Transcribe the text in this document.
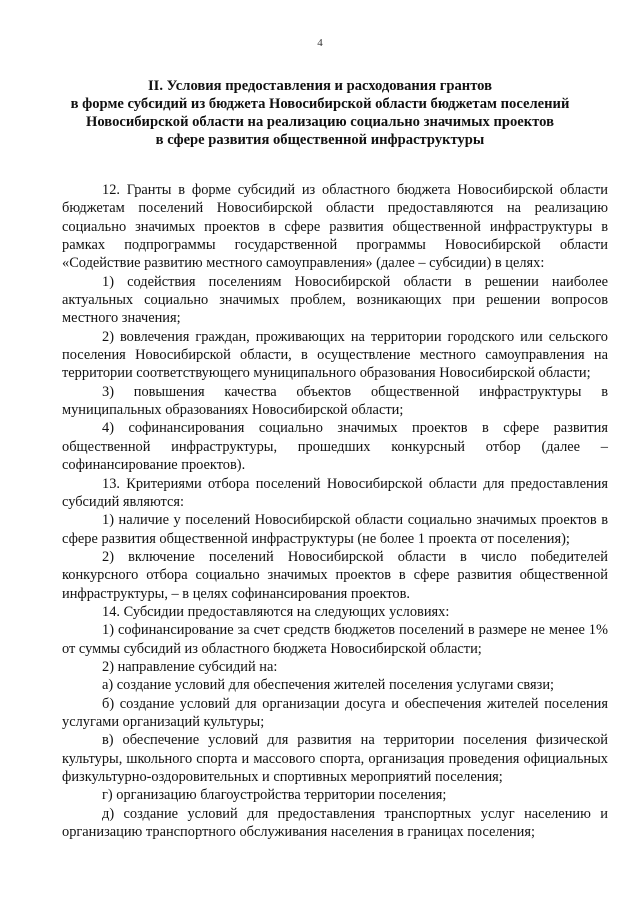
4
II. Условия предоставления и расходования грантов
в форме субсидий из бюджета Новосибирской области бюджетам поселений
Новосибирской области на реализацию социально значимых проектов
в сфере развития общественной инфраструктуры

12. Гранты в форме субсидий из областного бюджета Новосибирской области бюджетам поселений Новосибирской области предоставляются на реализацию социально значимых проектов в сфере развития общественной инфраструктуры в рамках подпрограммы государственной программы Новосибирской области «Содействие развитию местного самоуправления» (далее – субсидии) в целях:

1) содействия поселениям Новосибирской области в решении наиболее актуальных социально значимых проблем, возникающих при решении вопросов местного значения;

2) вовлечения граждан, проживающих на территории городского или сельского поселения Новосибирской области, в осуществление местного самоуправления на территории соответствующего муниципального образования Новосибирской области;

3) повышения качества объектов общественной инфраструктуры в муниципальных образованиях Новосибирской области;

4) софинансирования социально значимых проектов в сфере развития общественной инфраструктуры, прошедших конкурсный отбор (далее – софинансирование проектов).

13. Критериями отбора поселений Новосибирской области для предоставления субсидий являются:

1) наличие у поселений Новосибирской области социально значимых проектов в сфере развития общественной инфраструктуры (не более 1 проекта от поселения);

2) включение поселений Новосибирской области в число победителей конкурсного отбора социально значимых проектов в сфере развития общественной инфраструктуры, – в целях софинансирования проектов.

14. Субсидии предоставляются на следующих условиях:

1) софинансирование за счет средств бюджетов поселений в размере не менее 1% от суммы субсидий из областного бюджета Новосибирской области;

2) направление субсидий на:

а) создание условий для обеспечения жителей поселения услугами связи;

б) создание условий для организации досуга и обеспечения жителей поселения услугами организаций культуры;

в) обеспечение условий для развития на территории поселения физической культуры, школьного спорта и массового спорта, организация проведения официальных физкультурно-оздоровительных и спортивных мероприятий поселения;

г) организацию благоустройства территории поселения;

д) создание условий для предоставления транспортных услуг населению и организацию транспортного обслуживания населения в границах поселения;
